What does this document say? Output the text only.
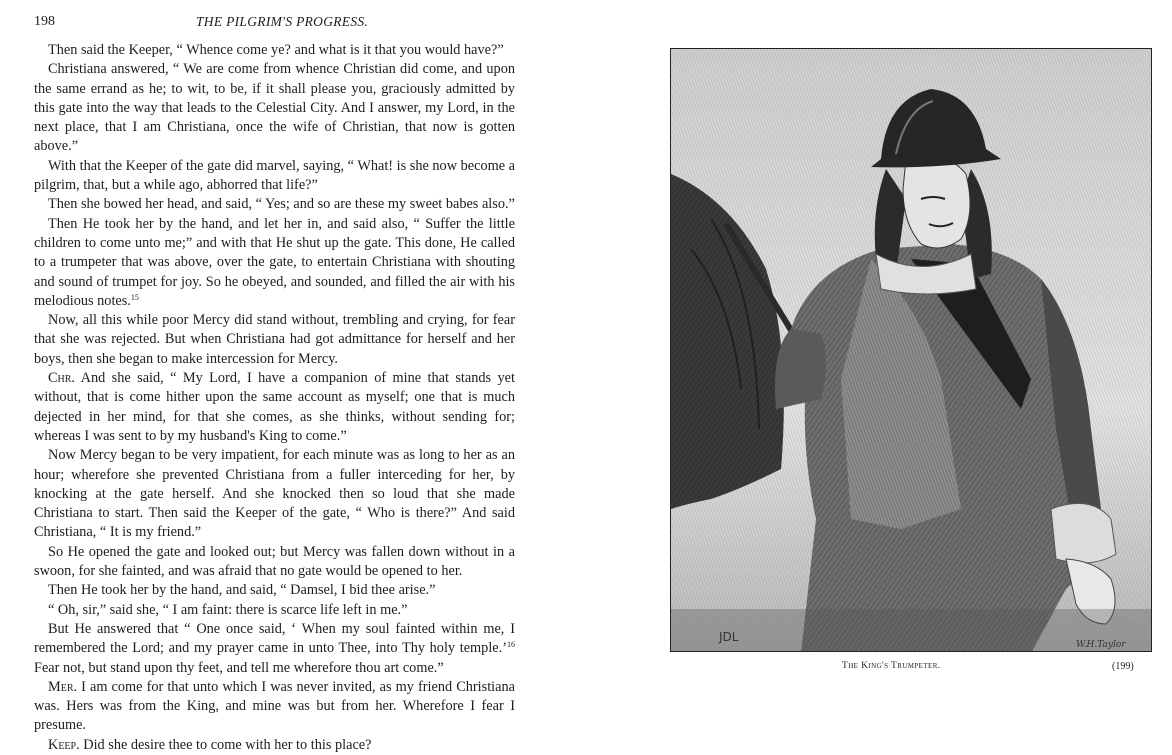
198	THE PILGRIM'S PROGRESS.

Then said the Keeper, “ Whence come ye? and what is it that you would have?”

Christiana answered, “ We are come from whence Christian did come, and upon the same errand as he; to wit, to be, if it shall please you, graciously admitted by this gate into the way that leads to the Celestial City. And I answer, my Lord, in the next place, that I am Christiana, once the wife of Christian, that now is gotten above.”

With that the Keeper of the gate did marvel, saying, “ What! is she now become a pilgrim, that, but a while ago, abhorred that life?”

Then she bowed her head, and said, “ Yes; and so are these my sweet babes also.”

Then He took her by the hand, and let her in, and said also, “ Suffer the little children to come unto me;” and with that He shut up the gate. This done, He called to a trumpeter that was above, over the gate, to entertain Christiana with shouting and sound of trumpet for joy. So he obeyed, and sounded, and filled the air with his melodious notes.$^{15}$

Now, all this while poor Mercy did stand without, trembling and crying, for fear that she was rejected. But when Christiana had got admittance for herself and her boys, then she began to make intercession for Mercy.

Chr. And she said, “ My Lord, I have a companion of mine that stands yet without, that is come hither upon the same account as myself; one that is much dejected in her mind, for that she comes, as she thinks, without sending for; whereas I was sent to by my husband's King to come.”

Now Mercy began to be very impatient, for each minute was as long to her as an hour; wherefore she prevented Christiana from a fuller interceding for her, by knocking at the gate herself. And she knocked then so loud that she made Christiana to start. Then said the Keeper of the gate, “ Who is there?” And said Christiana, “ It is my friend.”

So He opened the gate and looked out; but Mercy was fallen down without in a swoon, for she fainted, and was afraid that no gate would be opened to her.

Then He took her by the hand, and said, “ Damsel, I bid thee arise.”

“ Oh, sir,” said she, “ I am faint: there is scarce life left in me.”

But He answered that “ One once said, ‘ When my soul fainted within me, I remembered the Lord; and my prayer came in unto Thee, into Thy holy temple.’$^{16}$ Fear not, but stand upon thy feet, and tell me wherefore thou art come.”

Mer. I am come for that unto which I was never invited, as my friend Christiana was. Hers was from the King, and mine was but from her. Wherefore I fear I presume.

Keep. Did she desire thee to come with her to this place?

JDL
W.H.Taylor
The King's Trumpeter.	(199)
